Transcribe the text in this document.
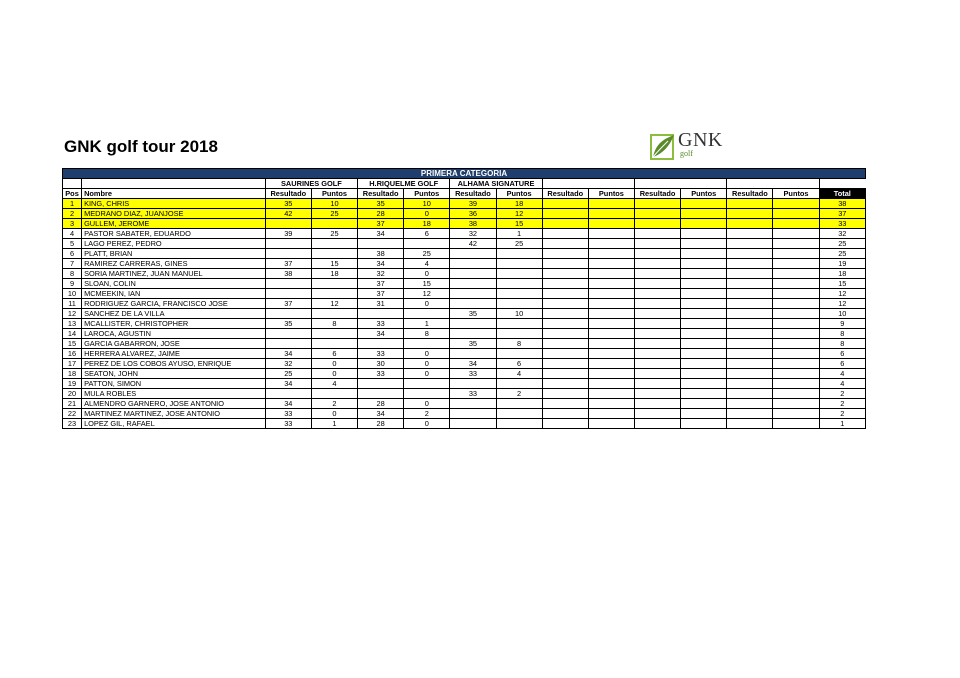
GNK golf tour 2018	GNK
golf
PRIMERA CATEGORIA														
		SAURINES GOLF		H.RIQUELME GOLF		ALHAMA SIGNATURE								
Pos	Nombre	Resultado	Puntos	Resultado	Puntos	Resultado	Puntos	Resultado	Puntos	Resultado	Puntos	Resultado	Puntos	Total
1	KING, CHRIS	35	10	35	10	39	18							38
2	MEDRANO DIAZ, JUANJOSE	42	25	28	0	36	12							37
3	GULLEM, JEROME			37	18	38	15							33
4	PASTOR SABATER, EDUARDO	39	25	34	6	32	1							32
5	LAGO PEREZ, PEDRO					42	25							25
6	PLATT, BRIAN			38	25									25
7	RAMIREZ CARRERAS, GINES	37	15	34	4									19
8	SORIA MARTINEZ, JUAN MANUEL	38	18	32	0									18
9	SLOAN, COLIN			37	15									15
10	MCMEEKIN, IAN			37	12									12
11	RODRIGUEZ GARCIA, FRANCISCO JOSE	37	12	31	0									12
12	SANCHEZ DE LA VILLA					35	10							10
13	MCALLISTER, CHRISTOPHER	35	8	33	1									9
14	LAROCA, AGUSTIN			34	8									8
15	GARCIA GABARRON, JOSE					35	8							8
16	HERRERA ALVAREZ, JAIME	34	6	33	0									6
17	PEREZ DE LOS COBOS AYUSO, ENRIQUE	32	0	30	0	34	6							6
18	SEATON, JOHN	25	0	33	0	33	4							4
19	PATTON, SIMON	34	4											4
20	MULA ROBLES					33	2							2
21	ALMENDRO GARNERO, JOSE ANTONIO	34	2	28	0									2
22	MARTINEZ MARTINEZ, JOSE ANTONIO	33	0	34	2									2
23	LOPEZ GIL, RAFAEL	33	1	28	0									1
